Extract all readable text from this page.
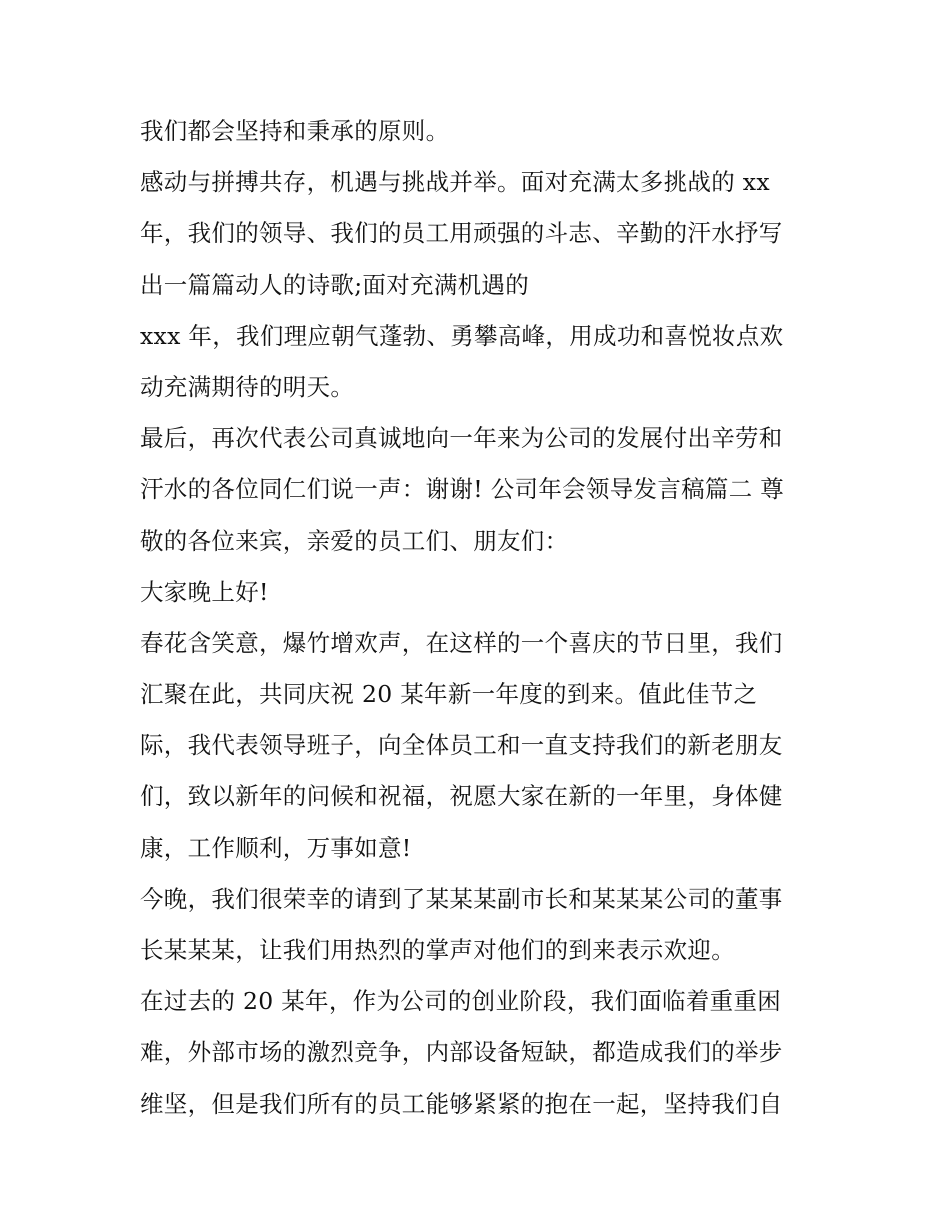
我们都会坚持和秉承的原则。
感动与拼搏共存，机遇与挑战并举。面对充满太多挑战的 xx
年，我们的领导、我们的员工用顽强的斗志、辛勤的汗水抒写
出一篇篇动人的诗歌;面对充满机遇的
xxx 年，我们理应朝气蓬勃、勇攀高峰，用成功和喜悦妆点欢
动充满期待的明天。
最后，再次代表公司真诚地向一年来为公司的发展付出辛劳和
汗水的各位同仁们说一声：谢谢! 公司年会领导发言稿篇二 尊
敬的各位来宾，亲爱的员工们、朋友们：
大家晚上好!
春花含笑意，爆竹增欢声，在这样的一个喜庆的节日里，我们
汇聚在此，共同庆祝 20 某年新一年度的到来。值此佳节之
际，我代表领导班子，向全体员工和一直支持我们的新老朋友
们，致以新年的问候和祝福，祝愿大家在新的一年里，身体健
康，工作顺利，万事如意!
今晚，我们很荣幸的请到了某某某副市长和某某某公司的董事
长某某某，让我们用热烈的掌声对他们的到来表示欢迎。
在过去的 20 某年，作为公司的创业阶段，我们面临着重重困
难，外部市场的激烈竞争，内部设备短缺，都造成我们的举步
维坚，但是我们所有的员工能够紧紧的抱在一起，坚持我们自
